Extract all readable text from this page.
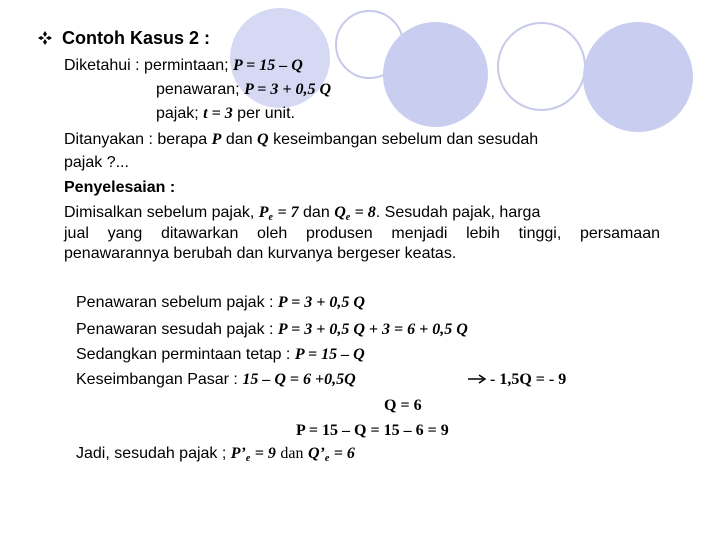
Contoh Kasus 2 :
Diketahui : permintaan; P = 15 – Q
penawaran; P = 3 + 0,5 Q
pajak; t = 3 per unit.
Ditanyakan : berapa P dan Q keseimbangan sebelum dan sesudah
pajak ?...
Penyelesaian :
Dimisalkan sebelum pajak, $P_e = 7$ dan $Q_e = 8$. Sesudah pajak, harga
jual yang ditawarkan oleh produsen menjadi lebih tinggi, persamaan
penawarannya berubah dan kurvanya bergeser keatas.
Penawaran sebelum pajak : P = 3 + 0,5 Q
Penawaran sesudah pajak : P = 3 + 0,5 Q + 3 = 6 + 0,5 Q
Sedangkan permintaan tetap : P = 15 – Q
Keseimbangan Pasar : 15 – Q = 6 +0,5Q	- 1,5Q = - 9
Q = 6
P = 15 – Q = 15 – 6 = 9
Jadi, sesudah pajak ; $P’_e = 9$ dan $Q’_e = 6$
